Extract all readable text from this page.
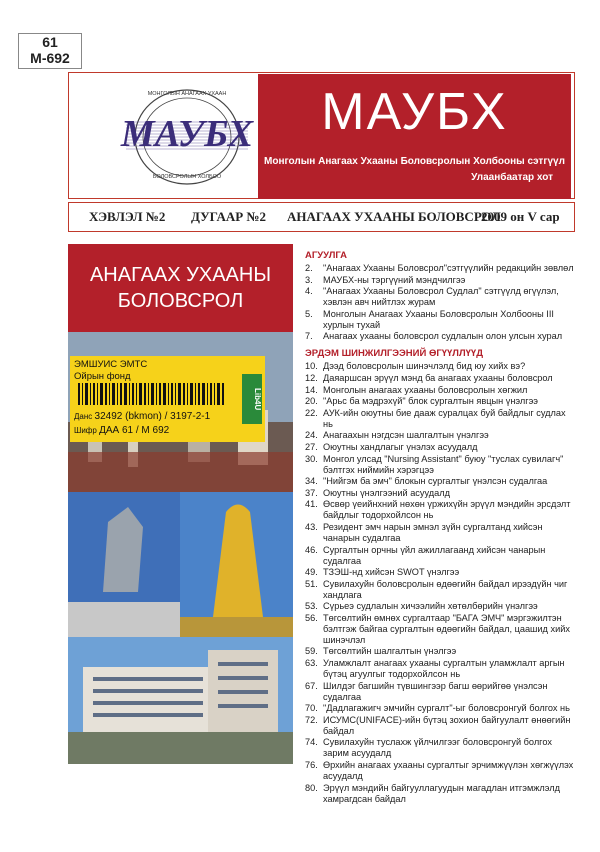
61
M-692
МАУБХ
МОНГОЛЫН АНАГААХ УХААН
БОЛОВСРОЛЫН ХОЛБОО
МАУБХ
Монголын Анагаах Ухааны Боловсролын Холбооны сэтгүүл
Улаанбаатар хот
ХЭВЛЭЛ №2 ДУГААР №2 АНАГААХ УХААНЫ БОЛОВСРОЛ
2009 он V сар
АНАГААХ УХААНЫ
БОЛОВСРОЛ
ЭМШУИС ЭМТС
Ойрын фонд
Данс 32492 (bkmon) / 3197-2-1
Шифр ДАА 61 / М 692
Lib4U
АГУУЛГА
2. "Анагаах Ухааны Боловсрол"сэтгүүлийн редакцийн зөвлөл
3. МАУБХ-ны тэргүүний мэндчилгээ
4. "Анагаах Ухааны Боловсрол Судлал" сэтгүүлд өгүүлэл, хэвлэн авч нийтлэх журам
5. Монголын Анагаах Ухааны Боловсролын Холбооны III хурлын тухай
7. Анагаах ухааны боловсрол судлалын олон улсын хурал
ЭРДЭМ ШИНЖИЛГЭЭНИЙ ӨГҮҮЛЛҮҮД
10. Дээд боловсролын шинэчлэлд бид юу хийх вэ?
12. Даяаршсан эрүүл мэнд ба анагаах ухааны боловсрол
14. Монголын анагаах ухааны боловсролын хөгжил
20. "Арьс ба мэдрэхүй" блок сургалтын явцын үнэлгээ
22. АУК-ийн оюутны бие дааж суралцах буй байдлыг судлах нь
24. Анагаахын нэгдсэн шалгалтын үнэлгээ
27. Оюутны хандлагыг үнэлэх асуудалд
30. Монгол улсад "Nursing Assistant" буюу "туслах сувилагч" бэлтгэх ниймийн хэрэгцээ
34. "Нийгэм ба эмч" блокын сургалтыг үнэлсэн судалгаа
37. Оюутны үнэлгээний асуудалд
41. Өсвөр үеийнхний нөхөн үржихүйн эрүүл мэндийн эрсдэлт байдлыг тодорхойлсон нь
43. Резидент эмч нарын эмнэл зүйн сургалтанд хийсэн чанарын судалгаа
46. Сургалтын орчны үйл ажиллагаанд хийсэн чанарын судалгаа
49. ТЗЭШ-нд хийсэн SWOT үнэлгээ
51. Сувилахуйн боловсролын өдөөгийн байдал ирээдүйн чиг хандлага
53. Сүрьеэ судлалын хичээлийн хөтөлбөрийн үнэлгээ
56. Төгсөлтийн өмнөх сургалтаар "БАГА ЭМЧ" мэргэжилтэн бэлтгэж байгаа сургалтын өдөөгийн байдал, цаашид хийх шинэчлэл
59. Төгсөлтийн шалгалтын үнэлгээ
63. Уламжлалт анагаах ухааны сургалтын уламжлалт аргын бүтэц агуулгыг тодорхойлсон нь
67. Шилдэг багшийн түвшингээр багш өөрийгөө үнэлсэн судалгаа
70. "Дадлагажигч эмчийн сургалт"-ыг боловсронгуй болгох нь
72. ИСУМС(UNIFACE)-ийн бүтэц зохион байгуулалт өнөөгийн байдал
74. Сувилахуйн туслахж үйлчилгээг боловсронгуй болгох зарим асуудалд
76. Өрхийн анагаах ухааны сургалтыг эрчимжүүлэн хөгжүүлэх асуудалд
80. Эрүүл мэндийн байгууллагуудын магадлан итгэмжлэлд хамрагдсан байдал
